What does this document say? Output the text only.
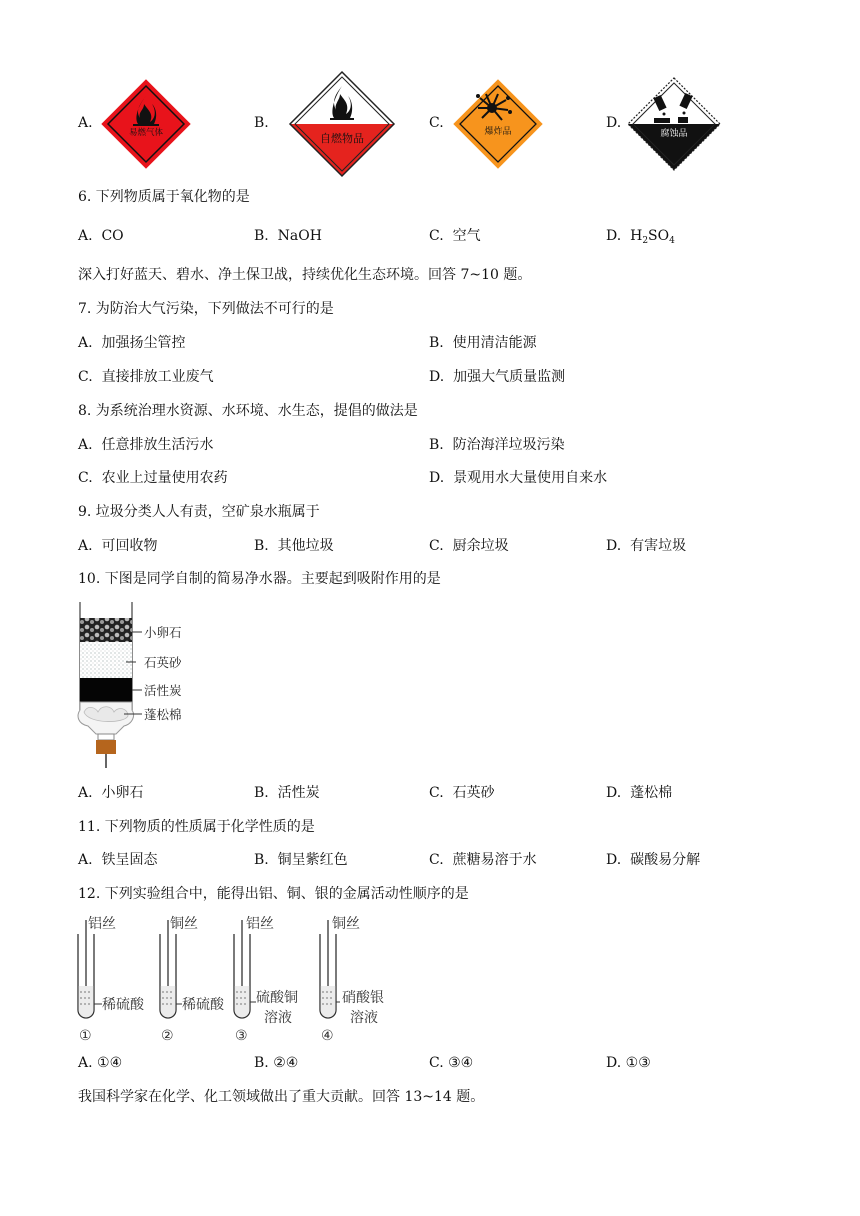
A.
易燃气体
B.
自燃物品
C.
爆炸品
D.
腐蚀品
6. 下列物质属于氧化物的是
A. CO	B. NaOH	C. 空气	D. $H_2SO_4$
深入打好蓝天、碧水、净土保卫战，持续优化生态环境。回答 7~10 题。
7. 为防治大气污染，下列做法不可行的是
A. 加强扬尘管控	B. 使用清洁能源
C. 直接排放工业废气	D. 加强大气质量监测
8. 为系统治理水资源、水环境、水生态，提倡的做法是
A. 任意排放生活污水	B. 防治海洋垃圾污染
C. 农业上过量使用农药	D. 景观用水大量使用自来水
9. 垃圾分类人人有责，空矿泉水瓶属于
A. 可回收物	B. 其他垃圾	C. 厨余垃圾	D. 有害垃圾
10. 下图是同学自制的简易净水器。主要起到吸附作用的是
小卵石
石英砂
活性炭
蓬松棉
A. 小卵石	B. 活性炭	C. 石英砂	D. 蓬松棉
11. 下列物质的性质属于化学性质的是
A. 铁呈固态	B. 铜呈紫红色	C. 蔗糖易溶于水	D. 碳酸易分解
12. 下列实验组合中，能得出铝、铜、银的金属活动性顺序的是
铝丝
稀硫酸
①
铜丝
稀硫酸
②
铝丝
硫酸铜
溶液
③
铜丝
硝酸银
溶液
④
A. ①④	B. ②④	C. ③④	D. ①③
我国科学家在化学、化工领域做出了重大贡献。回答 13~14 题。
